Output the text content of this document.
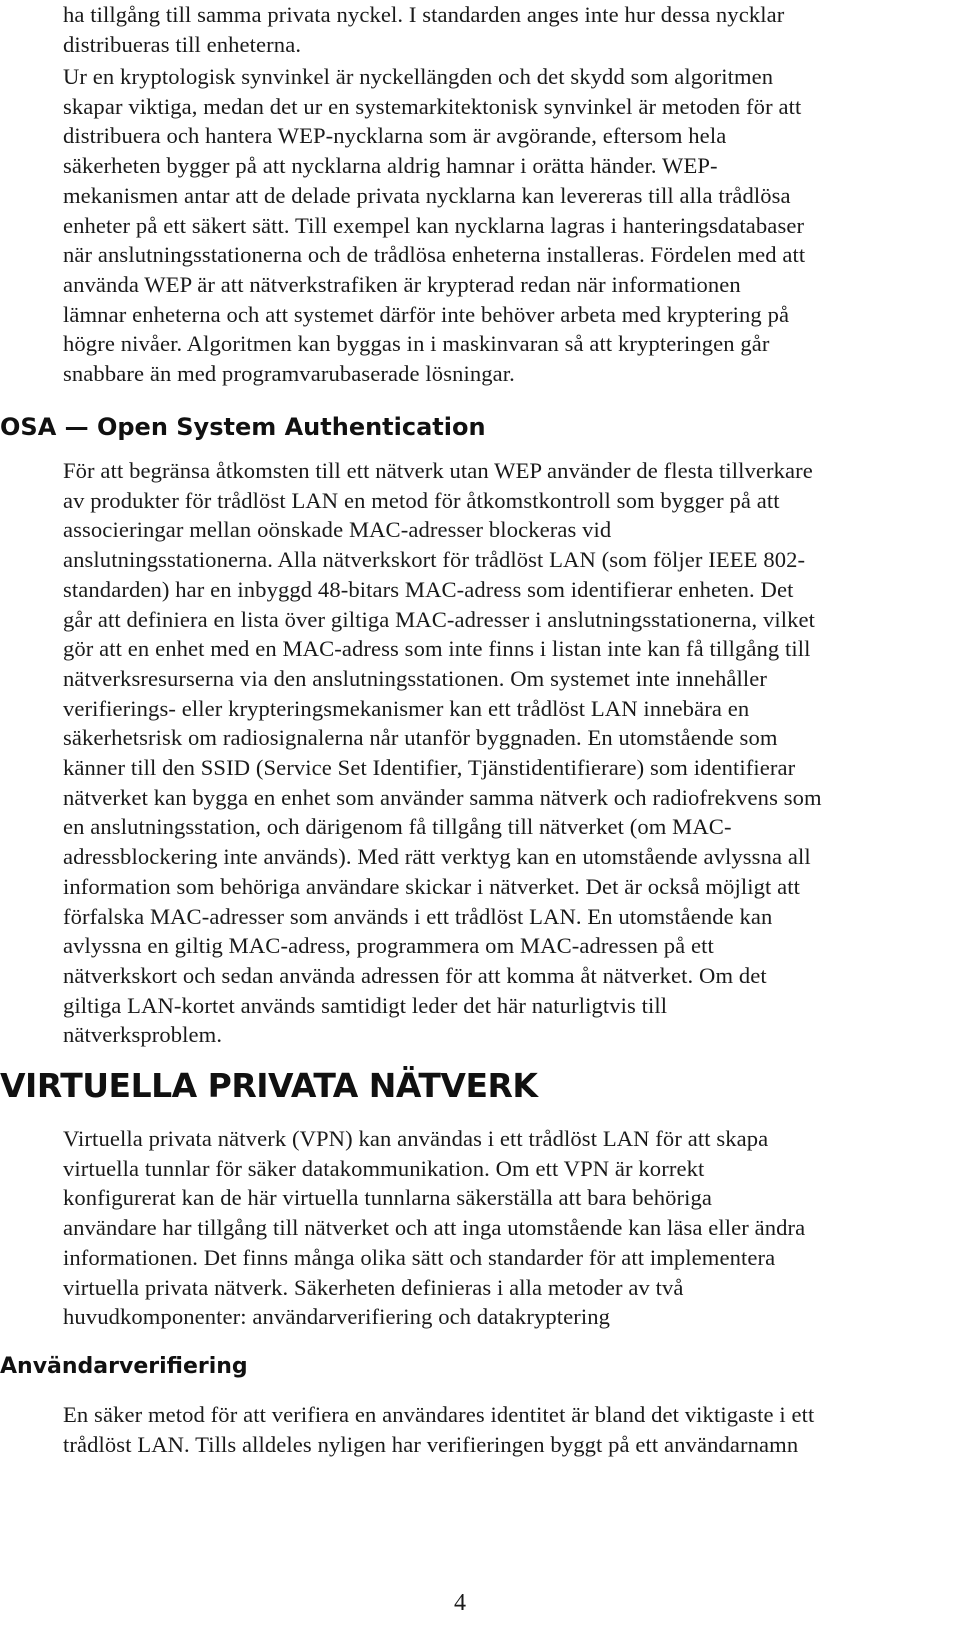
ha tillgång till samma privata nyckel. I standarden anges inte hur dessa nycklar
distribueras till enheterna.

Ur en kryptologisk synvinkel är nyckellängden och det skydd som algoritmen
skapar viktiga, medan det ur en systemarkitektonisk synvinkel är metoden för att
distribuera och hantera WEP-nycklarna som är avgörande, eftersom hela
säkerheten bygger på att nycklarna aldrig hamnar i orätta händer. WEP-
mekanismen antar att de delade privata nycklarna kan levereras till alla trådlösa
enheter på ett säkert sätt. Till exempel kan nycklarna lagras i hanteringsdatabaser
när anslutningsstationerna och de trådlösa enheterna installeras. Fördelen med att
använda WEP är att nätverkstrafiken är krypterad redan när informationen
lämnar enheterna och att systemet därför inte behöver arbeta med kryptering på
högre nivåer. Algoritmen kan byggas in i maskinvaran så att krypteringen går
snabbare än med programvarubaserade lösningar.

OSA — Open System Authentication

För att begränsa åtkomsten till ett nätverk utan WEP använder de flesta tillverkare
av produkter för trådlöst LAN en metod för åtkomstkontroll som bygger på att
associeringar mellan oönskade MAC-adresser blockeras vid
anslutningsstationerna. Alla nätverkskort för trådlöst LAN (som följer IEEE 802-
standarden) har en inbyggd 48-bitars MAC-adress som identifierar enheten. Det
går att definiera en lista över giltiga MAC-adresser i anslutningsstationerna, vilket
gör att en enhet med en MAC-adress som inte finns i listan inte kan få tillgång till
nätverksresurserna via den anslutningsstationen. Om systemet inte innehåller
verifierings- eller krypteringsmekanismer kan ett trådlöst LAN innebära en
säkerhetsrisk om radiosignalerna når utanför byggnaden. En utomstående som
känner till den SSID (Service Set Identifier, Tjänstidentifierare) som identifierar
nätverket kan bygga en enhet som använder samma nätverk och radiofrekvens som
en anslutningsstation, och därigenom få tillgång till nätverket (om MAC-
adressblockering inte används). Med rätt verktyg kan en utomstående avlyssna all
information som behöriga användare skickar i nätverket. Det är också möjligt att
förfalska MAC-adresser som används i ett trådlöst LAN. En utomstående kan
avlyssna en giltig MAC-adress, programmera om MAC-adressen på ett
nätverkskort och sedan använda adressen för att komma åt nätverket. Om det
giltiga LAN-kortet används samtidigt leder det här naturligtvis till
nätverksproblem.

VIRTUELLA PRIVATA NÄTVERK

Virtuella privata nätverk (VPN) kan användas i ett trådlöst LAN för att skapa
virtuella tunnlar för säker datakommunikation. Om ett VPN är korrekt
konfigurerat kan de här virtuella tunnlarna säkerställa att bara behöriga
användare har tillgång till nätverket och att inga utomstående kan läsa eller ändra
informationen. Det finns många olika sätt och standarder för att implementera
virtuella privata nätverk. Säkerheten definieras i alla metoder av två
huvudkomponenter: användarverifiering och datakryptering

Användarverifiering

En säker metod för att verifiera en användares identitet är bland det viktigaste i ett
trådlöst LAN. Tills alldeles nyligen har verifieringen byggt på ett användarnamn

4
